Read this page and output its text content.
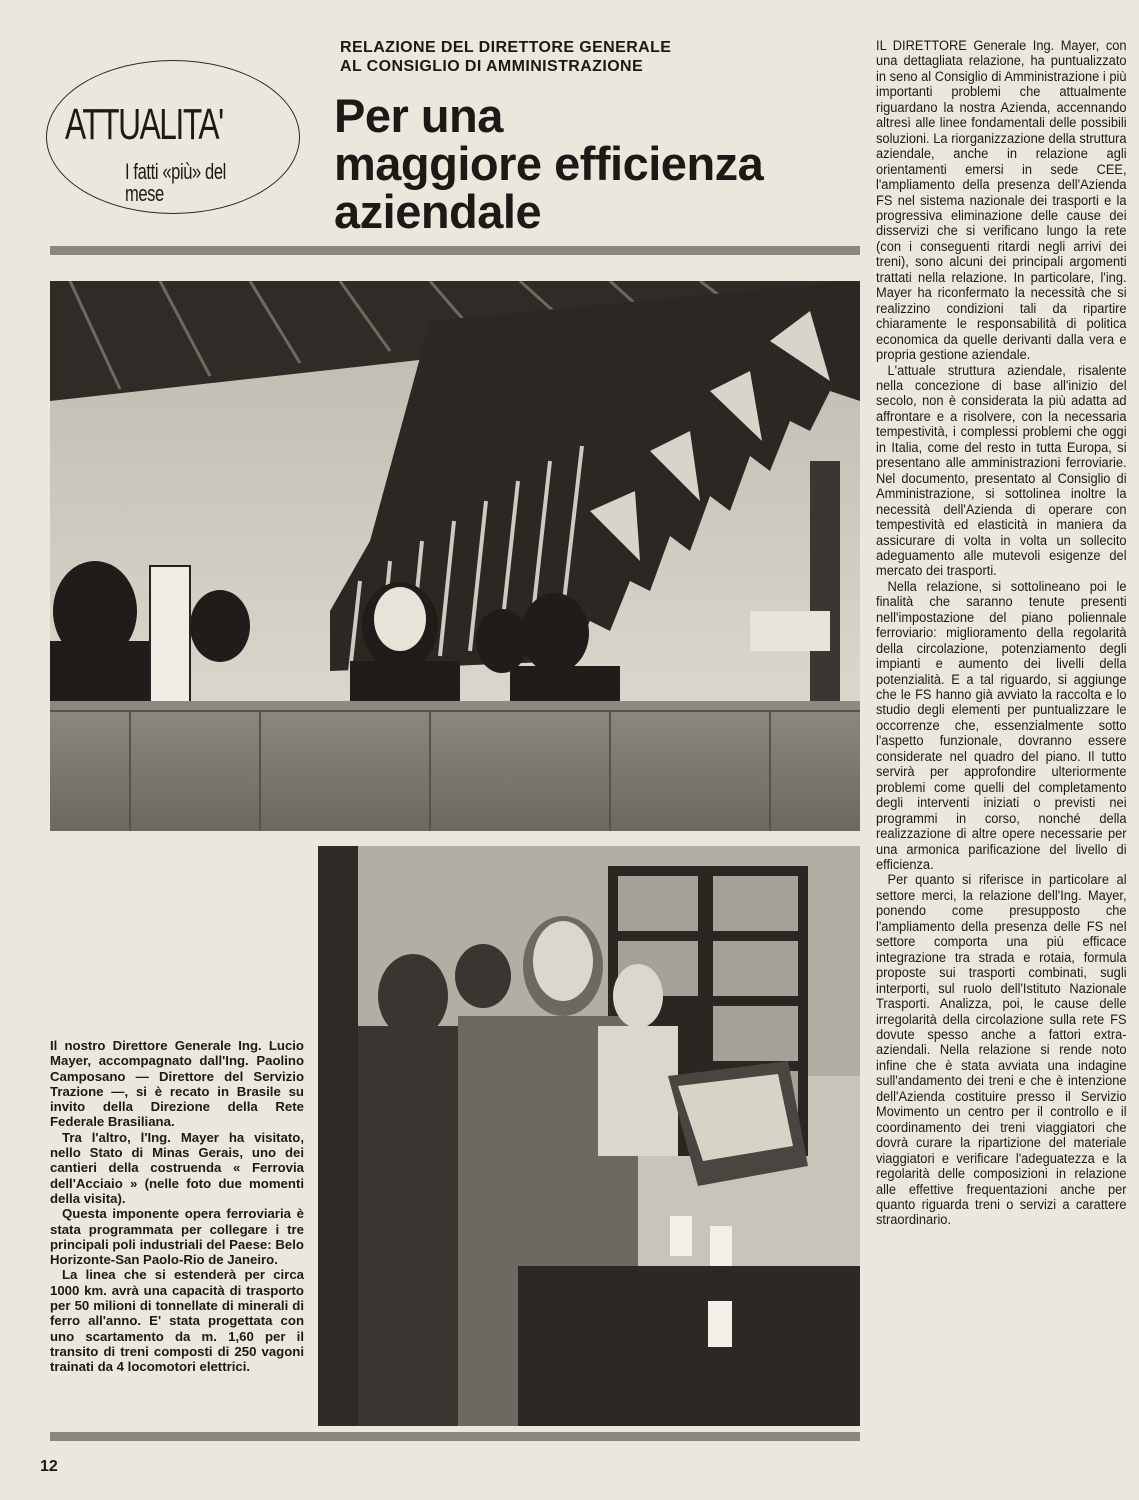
ATTUALITA'
I fatti «più» del mese
RELAZIONE DEL DIRETTORE GENERALE
AL CONSIGLIO DI AMMINISTRAZIONE
Per una
maggiore efficienza
aziendale

Il nostro Direttore Generale Ing. Lucio Mayer, accompagnato dall'Ing. Paolino Camposano — Direttore del Servizio Trazione —, si è recato in Brasile su invito della Direzione della Rete Federale Brasiliana.

Tra l'altro, l'Ing. Mayer ha visitato, nello Stato di Minas Gerais, uno dei cantieri della costruenda « Ferrovia dell'Acciaio » (nelle foto due momenti della visita).

Questa imponente opera ferroviaria è stata programmata per collegare i tre principali poli industriali del Paese: Belo Horizonte-San Paolo-Rio de Janeiro.

La linea che si estenderà per circa 1000 km. avrà una capacità di trasporto per 50 milioni di tonnellate di minerali di ferro all'anno. E' stata progettata con uno scartamento da m. 1,60 per il transito di treni composti di 250 vagoni trainati da 4 locomotori elettrici.

IL DIRETTORE Generale Ing. Mayer, con una dettagliata relazione, ha puntualizzato in seno al Consiglio di Amministrazione i più importanti problemi che attualmente riguardano la nostra Azienda, accennando altresì alle linee fondamentali delle possibili soluzioni. La riorganizzazione della struttura aziendale, anche in relazione agli orientamenti emersi in sede CEE, l'ampliamento della presenza dell'Azienda FS nel sistema nazionale dei trasporti e la progressiva eliminazione delle cause dei disservizi che si verificano lungo la rete (con i conseguenti ritardi negli arrivi dei treni), sono alcuni dei principali argomenti trattati nella relazione. In particolare, l'ing. Mayer ha riconfermato la necessità che si realizzino condizioni tali da ripartire chiaramente le responsabilità di politica economica da quelle derivanti dalla vera e propria gestione aziendale.

L'attuale struttura aziendale, risalente nella concezione di base all'inizio del secolo, non è considerata la più adatta ad affrontare e a risolvere, con la necessaria tempestività, i complessi problemi che oggi in Italia, come del resto in tutta Europa, si presentano alle amministrazioni ferroviarie. Nel documento, presentato al Consiglio di Amministrazione, si sottolinea inoltre la necessità dell'Azienda di operare con tempestività ed elasticità in maniera da assicurare di volta in volta un sollecito adeguamento alle mutevoli esigenze del mercato dei trasporti.

Nella relazione, si sottolineano poi le finalità che saranno tenute presenti nell'impostazione del piano poliennale ferroviario: miglioramento della regolarità della circolazione, potenziamento degli impianti e aumento dei livelli della potenzialità. E a tal riguardo, si aggiunge che le FS hanno già avviato la raccolta e lo studio degli elementi per puntualizzare le occorrenze che, essenzialmente sotto l'aspetto funzionale, dovranno essere considerate nel quadro del piano. Il tutto servirà per approfondire ulteriormente problemi come quelli del completamento degli interventi iniziati o previsti nei programmi in corso, nonché della realizzazione di altre opere necessarie per una armonica parificazione del livello di efficienza.

Per quanto si riferisce in particolare al settore merci, la relazione dell'Ing. Mayer, ponendo come presupposto che l'ampliamento della presenza delle FS nel settore comporta una più efficace integrazione tra strada e rotaia, formula proposte sui trasporti combinati, sugli interporti, sul ruolo dell'Istituto Nazionale Trasporti. Analizza, poi, le cause delle irregolarità della circolazione sulla rete FS dovute spesso anche a fattori extra-aziendali. Nella relazione si rende noto infine che è stata avviata una indagine sull'andamento dei treni e che è intenzione dell'Azienda costituire presso il Servizio Movimento un centro per il controllo e il coordinamento dei treni viaggiatori che dovrà curare la ripartizione del materiale viaggiatori e verificare l'adeguatezza e la regolarità delle composizioni in relazione alle effettive frequentazioni anche per quanto riguarda treni o servizi a carattere straordinario.

12
